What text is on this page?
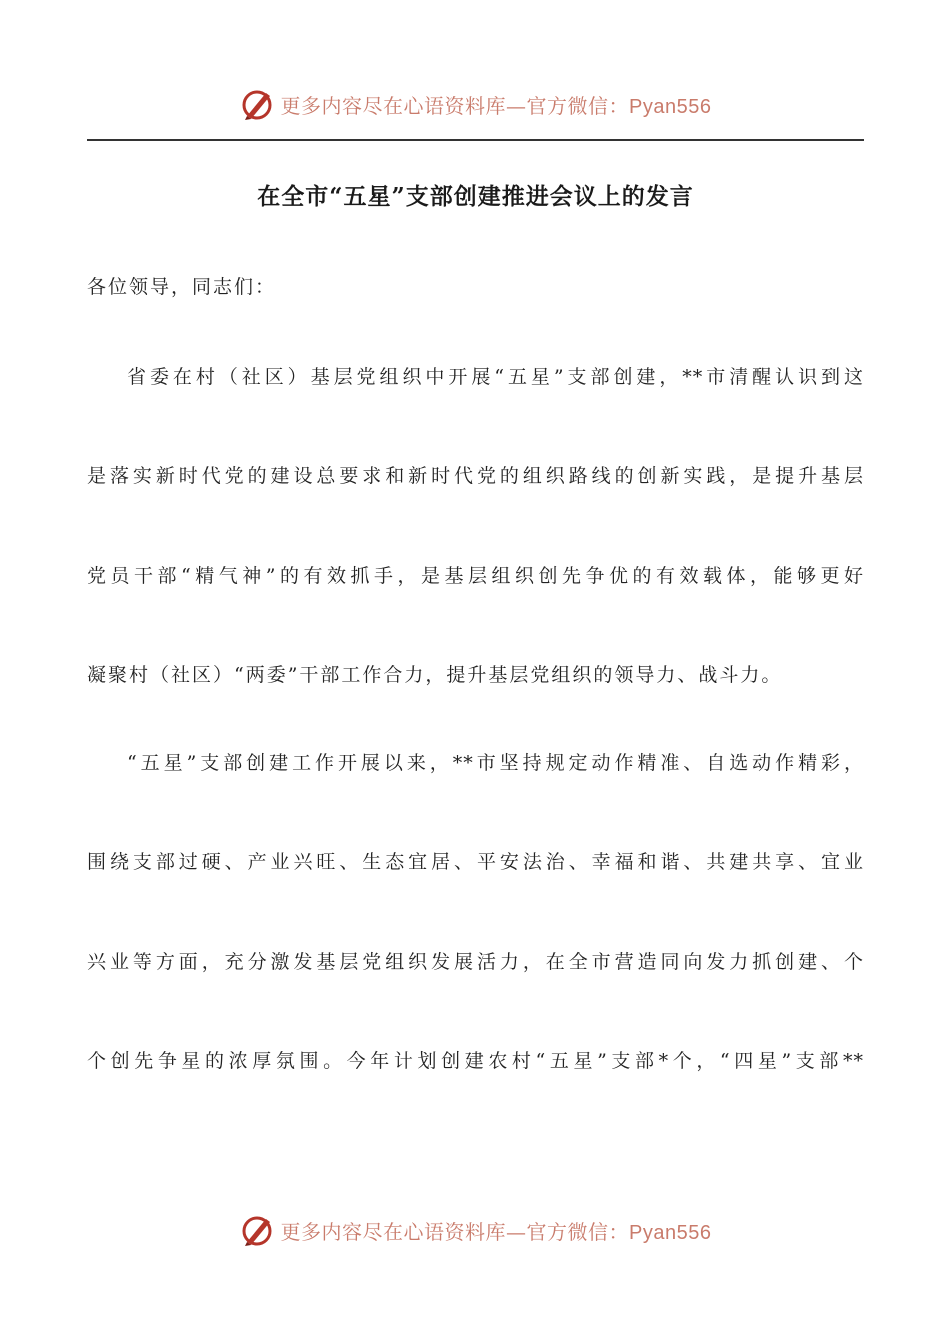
更多内容尽在心语资料库—官方微信：Pyan556
在全市“五星”支部创建推进会议上的发言
各位领导，同志们：
省委在村（社区）基层党组织中开展“五星”支部创建，**市清醒认识到这
是落实新时代党的建设总要求和新时代党的组织路线的创新实践，是提升基层
党员干部“精气神”的有效抓手，是基层组织创先争优的有效载体，能够更好
凝聚村（社区）“两委”干部工作合力，提升基层党组织的领导力、战斗力。
“五星”支部创建工作开展以来，**市坚持规定动作精准、自选动作精彩，
围绕支部过硬、产业兴旺、生态宜居、平安法治、幸福和谐、共建共享、宜业
兴业等方面，充分激发基层党组织发展活力，在全市营造同向发力抓创建、个
个创先争星的浓厚氛围。今年计划创建农村“五星”支部*个，“四星”支部**
更多内容尽在心语资料库—官方微信：Pyan556
